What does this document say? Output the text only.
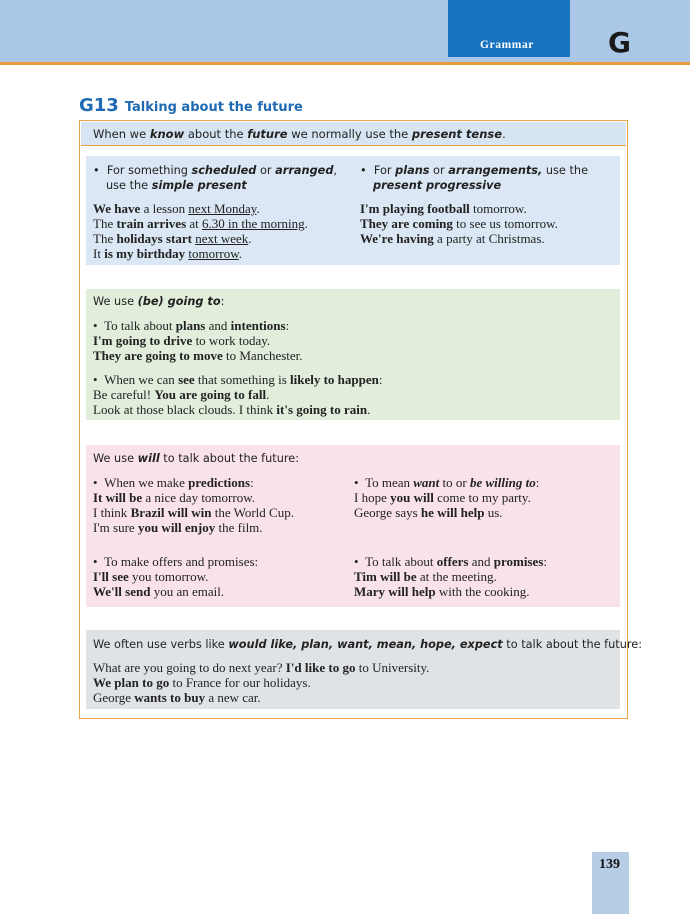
Grammar	G
G13 Talking about the future
When we know about the future we normally use the present tense.
• For something scheduled or arranged,
use the simple present
We have a lesson next Monday.
The train arrives at 6.30 in the morning.
The holidays start next week.
It is my birthday tomorrow.
• For plans or arrangements, use the
present progressive
I'm playing football tomorrow.
They are coming to see us tomorrow.
We're having a party at Christmas.
We use (be) going to:
• To talk about plans and intentions:
I'm going to drive to work today.
They are going to move to Manchester.
• When we can see that something is likely to happen:
Be careful! You are going to fall.
Look at those black clouds. I think it's going to rain.
We use will to talk about the future:
• When we make predictions:
It will be a nice day tomorrow.
I think Brazil will win the World Cup.
I'm sure you will enjoy the film.
• To mean want to or be willing to:
I hope you will come to my party.
George says he will help us.
• To make offers and promises:
I'll see you tomorrow.
We'll send you an email.
• To talk about offers and promises:
Tim will be at the meeting.
Mary will help with the cooking.
We often use verbs like would like, plan, want, mean, hope, expect to talk about the future:
What are you going to do next year? I'd like to go to University.
We plan to go to France for our holidays.
George wants to buy a new car.
139
